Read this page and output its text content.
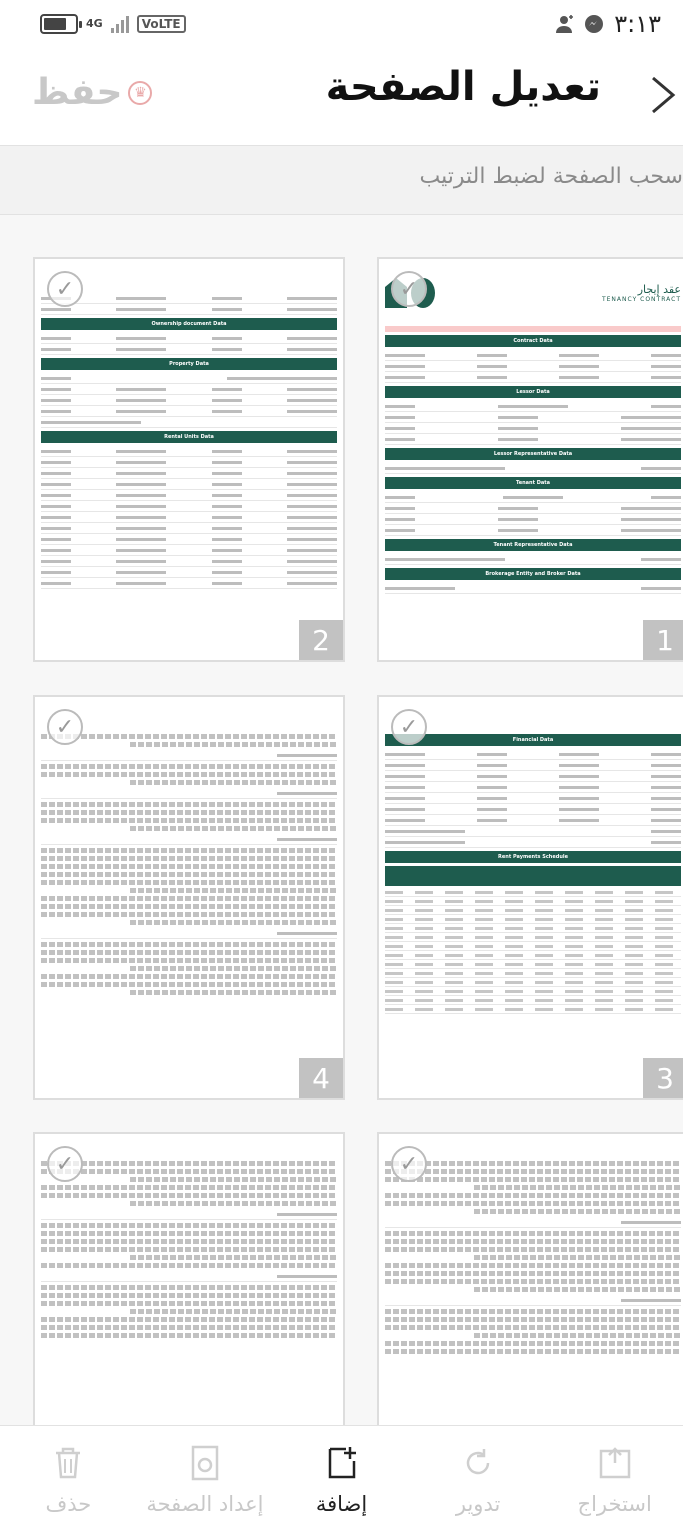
4G	VoLTE	٣:١٣
حفظ ♛	تعديل الصفحة
سحب الصفحة لضبط الترتيب
عقد إيجار
TENANCY CONTRACT
Contract Data
Lessor Data
Lessor Representative Data
Tenant Data
Tenant Representative Data
Brokerage Entity and Broker Data
✓
1
Ownership document Data
Property Data
Rental Units Data
✓
2
Financial Data
Rent Payments Schedule
✓
3
✓
4
✓
✓
استخراج
تدوير
إضافة
إعداد الصفحة
حذف
